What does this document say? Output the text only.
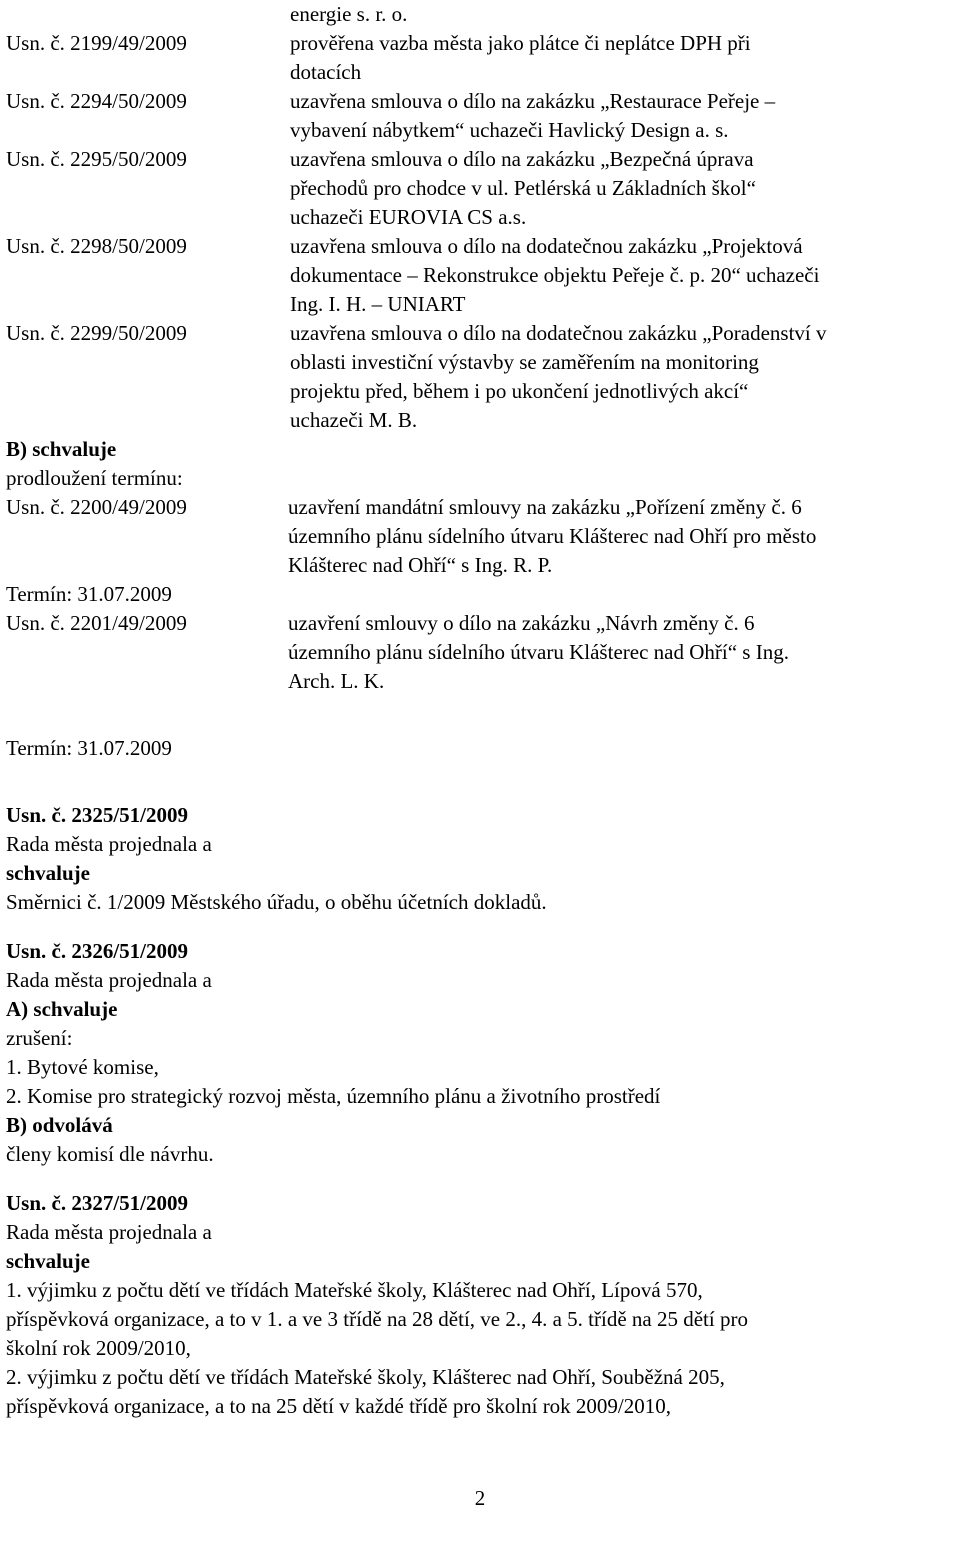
energie s. r. o.
Usn. č. 2199/49/2009	prověřena vazba města jako plátce či neplátce DPH při
dotacích
Usn. č. 2294/50/2009	uzavřena smlouva o dílo na zakázku „Restaurace Peřeje –
vybavení nábytkem“ uchazeči Havlický Design a. s.
Usn. č. 2295/50/2009	uzavřena smlouva o dílo na zakázku „Bezpečná úprava
přechodů pro chodce v ul. Petlérská u Základních škol“
uchazeči EUROVIA CS a.s.
Usn. č. 2298/50/2009	uzavřena smlouva o dílo na dodatečnou zakázku „Projektová
dokumentace – Rekonstrukce objektu Peřeje č. p. 20“ uchazeči
Ing. I. H. – UNIART
Usn. č. 2299/50/2009	uzavřena smlouva o dílo na dodatečnou zakázku „Poradenství v
oblasti investiční výstavby se zaměřením na monitoring
projektu před, během i po ukončení jednotlivých akcí“
uchazeči M. B.
B) schvaluje
prodloužení termínu:
Usn. č. 2200/49/2009	uzavření mandátní smlouvy na zakázku „Pořízení změny č. 6
územního plánu sídelního útvaru Klášterec nad Ohří pro město
Klášterec nad Ohří“ s Ing. R. P.
Termín: 31.07.2009
Usn. č. 2201/49/2009	uzavření smlouvy o dílo na zakázku „Návrh změny č. 6
územního plánu sídelního útvaru Klášterec nad Ohří“ s Ing.
Arch. L. K.
Termín: 31.07.2009
Usn. č. 2325/51/2009
Rada města projednala a
schvaluje
Směrnici č. 1/2009 Městského úřadu, o oběhu účetních dokladů.
Usn. č. 2326/51/2009
Rada města projednala a
A) schvaluje
zrušení:
1. Bytové komise,
2. Komise pro strategický rozvoj města, územního plánu a životního prostředí
B) odvolává
členy komisí dle návrhu.
Usn. č. 2327/51/2009
Rada města projednala a
schvaluje
1. výjimku z počtu dětí ve třídách Mateřské školy, Klášterec nad Ohří, Lípová 570,
příspěvková organizace, a to v 1. a ve 3 třídě na 28 dětí, ve 2., 4. a 5. třídě na 25 dětí pro
školní rok 2009/2010,
2. výjimku z počtu dětí ve třídách Mateřské školy, Klášterec nad Ohří, Souběžná 205,
příspěvková organizace, a to na 25 dětí v každé třídě pro školní rok 2009/2010,
2
